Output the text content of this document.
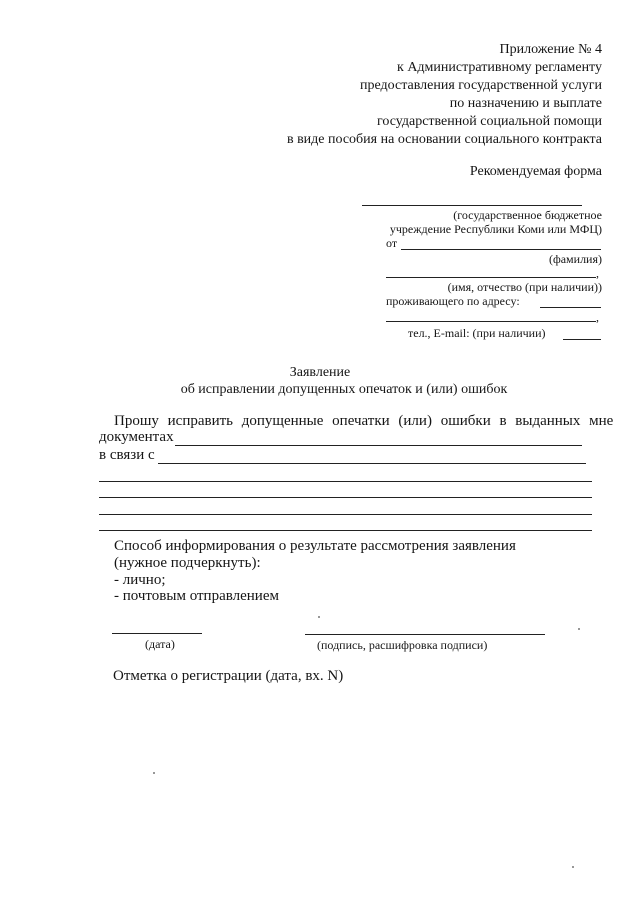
Приложение № 4
к Административному регламенту
предоставления государственной услуги
по назначению и выплате
государственной социальной помощи
в виде пособия на основании социального контракта
Рекомендуемая форма
(государственное бюджетное
учреждение Республики Коми или МФЦ)
от
(фамилия)
,
(имя, отчество (при наличии))
проживающего по адресу:
,
тел., E-mail: (при наличии)
Заявление
об исправлении допущенных опечаток и (или) ошибок
Прошу исправить допущенные опечатки (или) ошибки в выданных мне
документах
в связи с
Способ информирования о результате рассмотрения заявления
(нужное подчеркнуть):
- лично;
- почтовым отправлением
(дата)	(подпись, расшифровка подписи)
Отметка о регистрации (дата, вх. N)
